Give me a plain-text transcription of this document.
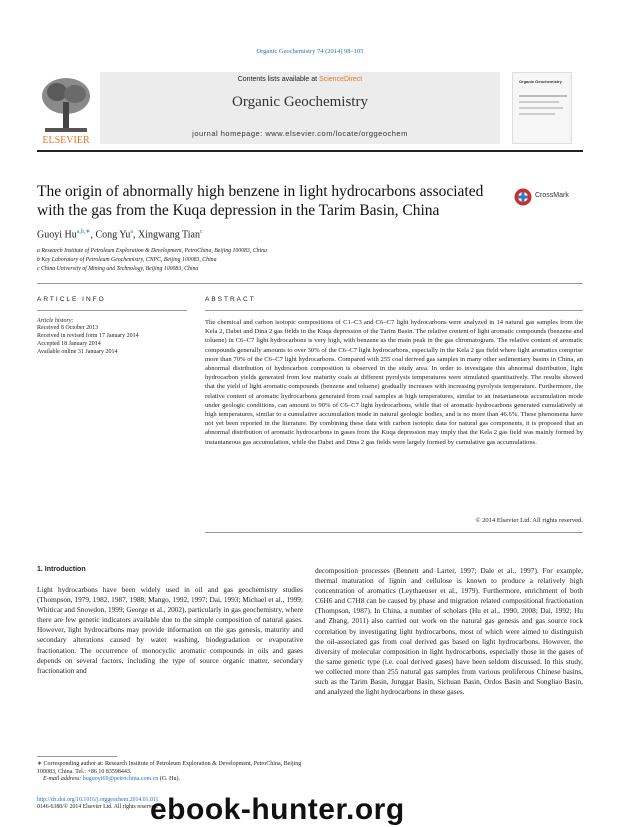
Organic Geochemistry 74 (2014) 98–105
ELSEVIER
Contents lists available at ScienceDirect
Organic Geochemistry
journal homepage: www.elsevier.com/locate/orggeochem
Organic Geochemistry
The origin of abnormally high benzene in light hydrocarbons associated with the gas from the Kuqa depression in the Tarim Basin, China
CrossMark
Guoyi $Hu^{a,b,∗}$, Cong Yu$^a$, Xingwang Tian$^c$
a Research Institute of Petroleum Exploration & Development, PetroChina, Beijing 100083, China
b Key Laboratory of Petroleum Geochemistry, CNPC, Beijing 100083, China
c China University of Mining and Technology, Beijing 100083, China
ARTICLE INFO	ABSTRACT
Article history:
Received 8 October 2013
Received in revised form 17 January 2014
Accepted 18 January 2014
Available online 31 January 2014
The chemical and carbon isotopic compositions of C1–C3 and C6–C7 light hydrocarbons were analyzed in 14 natural gas samples from the Kela 2, Dabei and Dina 2 gas fields in the Kuqa depression of the Tarim Basin. The relative content of light aromatic compounds (benzene and toluene) in C6–C7 light hydrocarbons is very high, with benzene as the main peak in the gas chromatogram. The relative content of aromatic compounds generally amounts to over 30% of the C6–C7 light hydrocarbons, especially in the Kela 2 gas field where light aromatics comprise more than 70% of the C6–C7 light hydrocarbons. Compared with 255 coal derived gas samples in many other sedimentary basins in China, an abnormal distribution of hydrocarbon composition is observed in the study area. In order to investigate this abnormal distribution, light hydrocarbon yields generated from low maturity coals at different pyrolysis temperatures were simulated quantitatively. The results showed that the yield of light aromatic compounds (benzene and toluene) gradually increases with increasing pyrolysis temperature. Furthermore, the relative content of aromatic hydrocarbons generated from coal samples at high temperatures, similar to an instantaneous accumulation mode under geologic conditions, can amount to 90% of C6–C7 light hydrocarbons, while that of aromatic hydrocarbons generated cumulatively at high temperatures, similar to a cumulative accumulation mode in natural geologic bodies, and is no more than 46.6%. These phenomena have not yet been reported in the literature. By combining these data with carbon isotopic data for natural gas components, it is proposed that an abnormal distribution of aromatic hydrocarbons in gases from the Kuqa depression may imply that the Kela 2 gas field was mainly formed by instantaneous gas accumulation, while the Dabei and Dina 2 gas fields were largely formed by cumulative gas accumulations.
© 2014 Elsevier Ltd. All rights reserved.
1. Introduction

Light hydrocarbons have been widely used in oil and gas geochemistry studies (Thompson, 1979, 1982, 1987, 1988; Mango, 1992, 1997; Dai, 1993; Michael et al., 1999; Whiticar and Snowdon, 1999; George et al., 2002), particularly in gas geochemistry, where there are few genetic indicators available due to the simple composition of natural gases. However, light hydrocarbons may provide information on the gas genesis, maturity and secondary alterations caused by water washing, biodegradation or evaporative fractionation. The occurrence of monocyclic aromatic compounds in oils and gases depends on several factors, including the type of source organic matter, secondary fractionation and

decomposition processes (Bennett and Larter, 1997; Dale et al., 1997). For example, thermal maturation of lignin and cellulose is known to produce a relatively high concentration of aromatics (Leythaeuser et al., 1979). Furthermore, enrichment of both C6H6 and C7H8 can be caused by phase and migration related compositional fractionation (Thompson, 1987). In China, a number of scholars (Hu et al., 1990, 2008; Dai, 1992; Hu and Zhang, 2011) also carried out work on the natural gas genesis and gas source rock correlation by investigating light hydrocarbons, most of which were aimed to distinguish the oil-associated gas from coal derived gas based on light hydrocarbons. However, the diversity of molecular composition in light hydrocarbons, especially those in the gases of the same genetic type (i.e. coal derived gases) have been seldom discussed. In this study, we collected more than 255 natural gas samples from various proliferous Chinese basins, such as the Tarim Basin, Junggar Basin, Sichuan Basin, Ordos Basin and Songliao Basin, and analyzed the light hydrocarbons in these gases.

∗ Corresponding author at: Research Institute of Petroleum Exploration & Development, PetroChina, Beijing 100083, China. Tel.: +86 10 83598443.
E-mail address: huguoyi69@petrochina.com.cn (G. Hu).
http://dx.doi.org/10.1016/j.orggeochem.2014.01.011
0146-6380/© 2014 Elsevier Ltd. All rights reserved.
ebook-hunter.org
